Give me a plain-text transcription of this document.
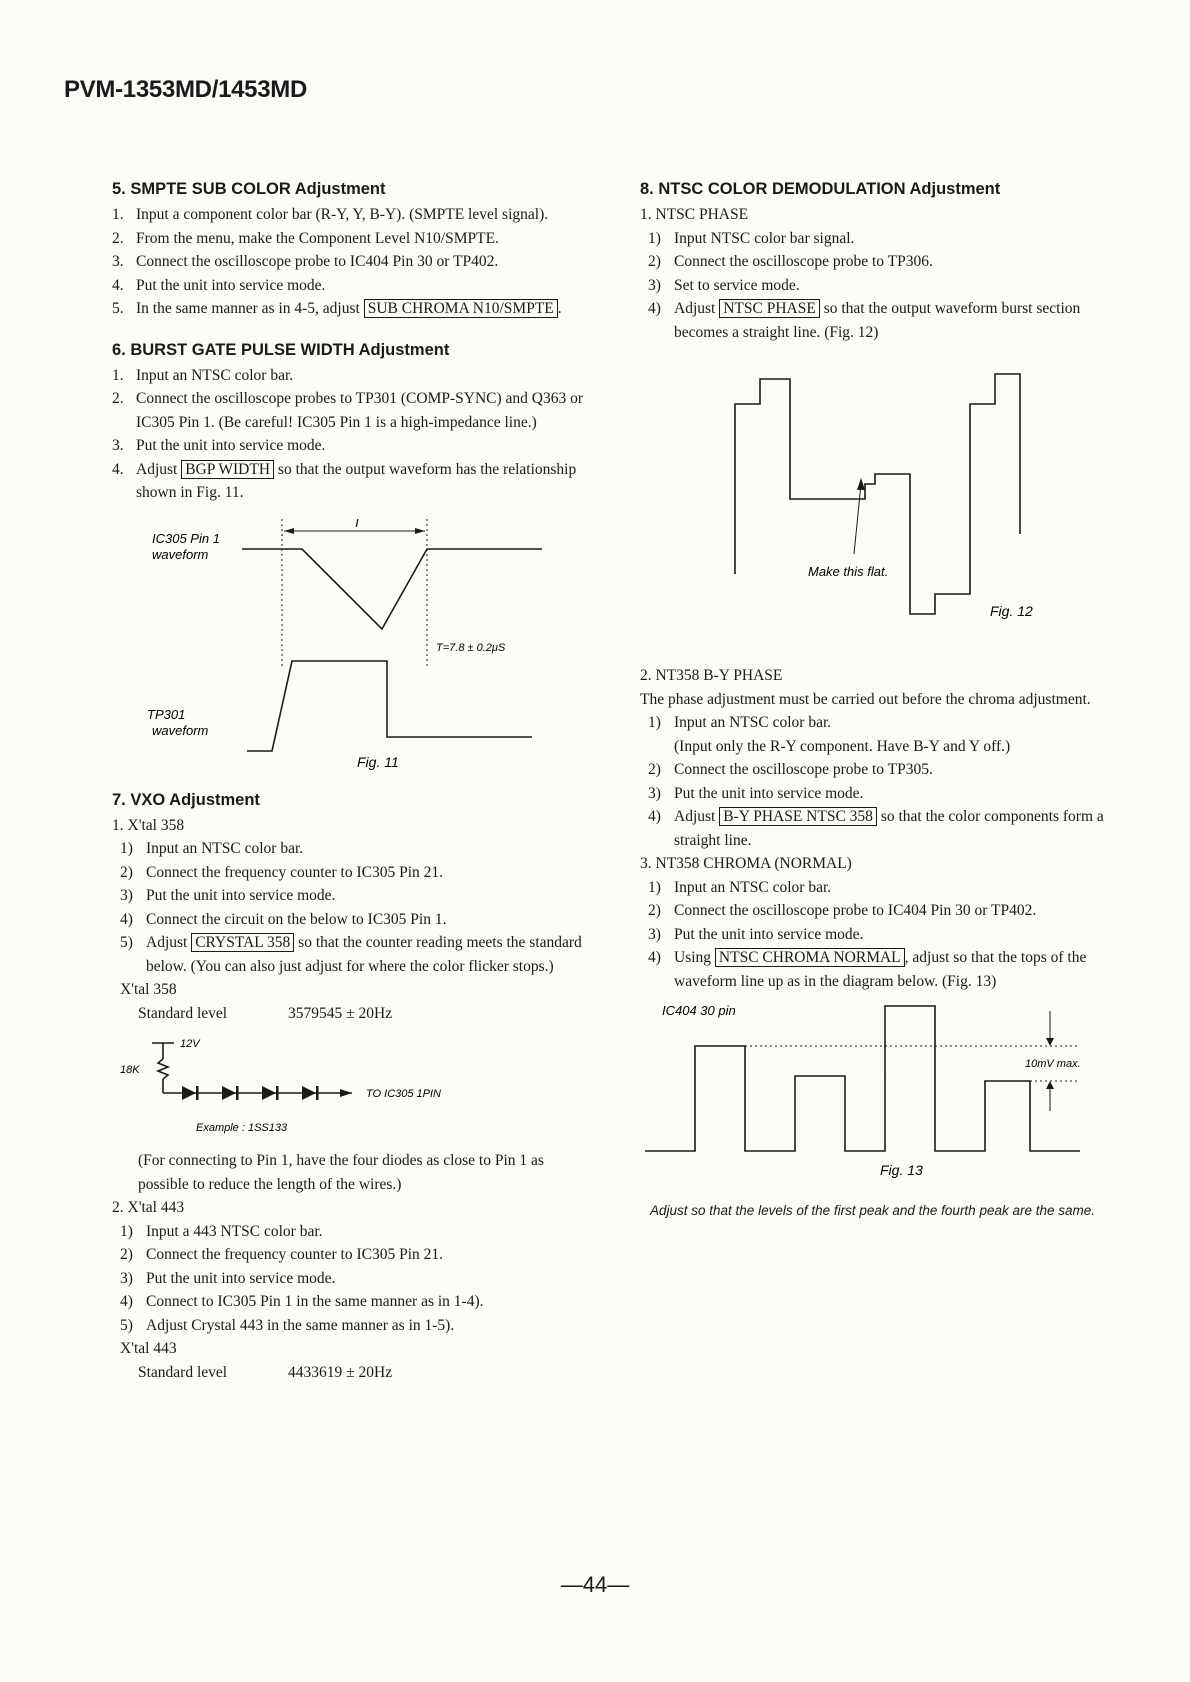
PVM-1353MD/1453MD
5. SMPTE SUB COLOR Adjustment
1. Input a component color bar (R-Y, Y, B-Y). (SMPTE level signal).
2. From the menu, make the Component Level N10/SMPTE.
3. Connect the oscilloscope probe to IC404 Pin 30 or TP402.
4. Put the unit into service mode.
5. In the same manner as in 4-5, adjust SUB CHROMA N10/SMPTE .
6. BURST GATE PULSE WIDTH Adjustment
1. Input an NTSC color bar.
2. Connect the oscilloscope probes to TP301 (COMP-SYNC) and Q363 or IC305 Pin 1. (Be careful! IC305 Pin 1 is a high-impedance line.)
3. Put the unit into service mode.
4. Adjust BGP WIDTH so that the output waveform has the relationship shown in Fig. 11.
T
IC305 Pin 1
waveform
T=7.8 ± 0.2μS
TP301
waveform
Fig. 11
7. VXO Adjustment
1. X'tal 358
1) Input an NTSC color bar.
2) Connect the frequency counter to IC305 Pin 21.
3) Put the unit into service mode.
4) Connect the circuit on the below to IC305 Pin 1.
5) Adjust CRYSTAL 358 so that the counter reading meets the standard below. (You can also just adjust for where the color flicker stops.)
X'tal 358
Standard level	3579545 ± 20Hz
12V
18K
TO IC305 1PIN
Example : 1SS133
(For connecting to Pin 1, have the four diodes as close to Pin 1 as possible to reduce the length of the wires.)
2. X'tal 443
1) Input a 443 NTSC color bar.
2) Connect the frequency counter to IC305 Pin 21.
3) Put the unit into service mode.
4) Connect to IC305 Pin 1 in the same manner as in 1-4).
5) Adjust Crystal 443 in the same manner as in 1-5).
X'tal 443
Standard level	4433619 ± 20Hz
8. NTSC COLOR DEMODULATION Adjustment
1. NTSC PHASE
1) Input NTSC color bar signal.
2) Connect the oscilloscope probe to TP306.
3) Set to service mode.
4) Adjust NTSC PHASE so that the output waveform burst section becomes a straight line. (Fig. 12)
Make this flat.
Fig. 12
2. NT358 B-Y PHASE
The phase adjustment must be carried out before the chroma adjustment.
1) Input an NTSC color bar.
(Input only the R-Y component. Have B-Y and Y off.)
2) Connect the oscilloscope probe to TP305.
3) Put the unit into service mode.
4) Adjust B-Y PHASE NTSC 358 so that the color components form a straight line.
3. NT358 CHROMA (NORMAL)
1) Input an NTSC color bar.
2) Connect the oscilloscope probe to IC404 Pin 30 or TP402.
3) Put the unit into service mode.
4) Using NTSC CHROMA NORMAL , adjust so that the tops of the waveform line up as in the diagram below. (Fig. 13)
IC404 30 pin
10mV max.
Fig. 13
Adjust so that the levels of the first peak and the fourth peak are the same.
—44—
